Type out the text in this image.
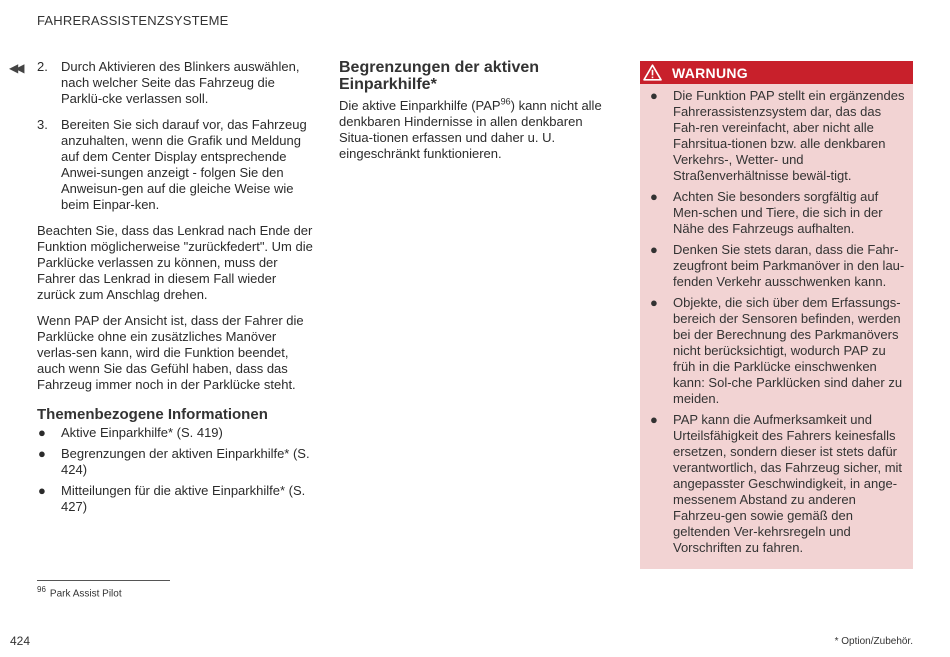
FAHRERASSISTENZSYSTEME
◀◀ 2. Durch Aktivieren des Blinkers auswählen, nach welcher Seite das Fahrzeug die Parklü-cke verlassen soll.
3. Bereiten Sie sich darauf vor, das Fahrzeug anzuhalten, wenn die Grafik und Meldung auf dem Center Display entsprechende Anwei-sungen anzeigt - folgen Sie den Anweisun-gen auf die gleiche Weise wie beim Einpar-ken.

Beachten Sie, dass das Lenkrad nach Ende der Funktion möglicherweise "zurückfedert". Um die Parklücke verlassen zu können, muss der Fahrer das Lenkrad in diesem Fall wieder zurück zum Anschlag drehen.

Wenn PAP der Ansicht ist, dass der Fahrer die Parklücke ohne ein zusätzliches Manöver verlas-sen kann, wird die Funktion beendet, auch wenn Sie das Gefühl haben, dass das Fahrzeug immer noch in der Parklücke steht.

Themenbezogene Informationen
● Aktive Einparkhilfe* (S. 419)
● Begrenzungen der aktiven Einparkhilfe* (S. 424)
● Mitteilungen für die aktive Einparkhilfe* (S. 427)
Begrenzungen der aktiven Einparkhilfe*

Die aktive Einparkhilfe (PAP$^{96}$) kann nicht alle denkbaren Hindernisse in allen denkbaren Situa-tionen erfassen und daher u. U. eingeschränkt funktionieren.

WARNUNG
● Die Funktion PAP stellt ein ergänzendes Fahrerassistenzsystem dar, das das Fah-ren vereinfacht, aber nicht alle Fahrsitua-tionen bzw. alle denkbaren Verkehrs-, Wetter- und Straßenverhältnisse bewäl-tigt.
● Achten Sie besonders sorgfältig auf Men-schen und Tiere, die sich in der Nähe des Fahrzeugs aufhalten.
● Denken Sie stets daran, dass die Fahr-zeugfront beim Parkmanöver in den lau-fenden Verkehr ausschwenken kann.
● Objekte, die sich über dem Erfassungs-bereich der Sensoren befinden, werden bei der Berechnung des Parkmanövers nicht berücksichtigt, wodurch PAP zu früh in die Parklücke einschwenken kann: Sol-che Parklücken sind daher zu meiden.
● PAP kann die Aufmerksamkeit und Urteilsfähigkeit des Fahrers keinesfalls ersetzen, sondern dieser ist stets dafür verantwortlich, das Fahrzeug sicher, mit angepasster Geschwindigkeit, in ange-messenem Abstand zu anderen Fahrzeu-gen sowie gemäß den geltenden Ver-kehrsregeln und Vorschriften zu fahren.
$^{96}$ Park Assist Pilot
424	* Option/Zubehör.
